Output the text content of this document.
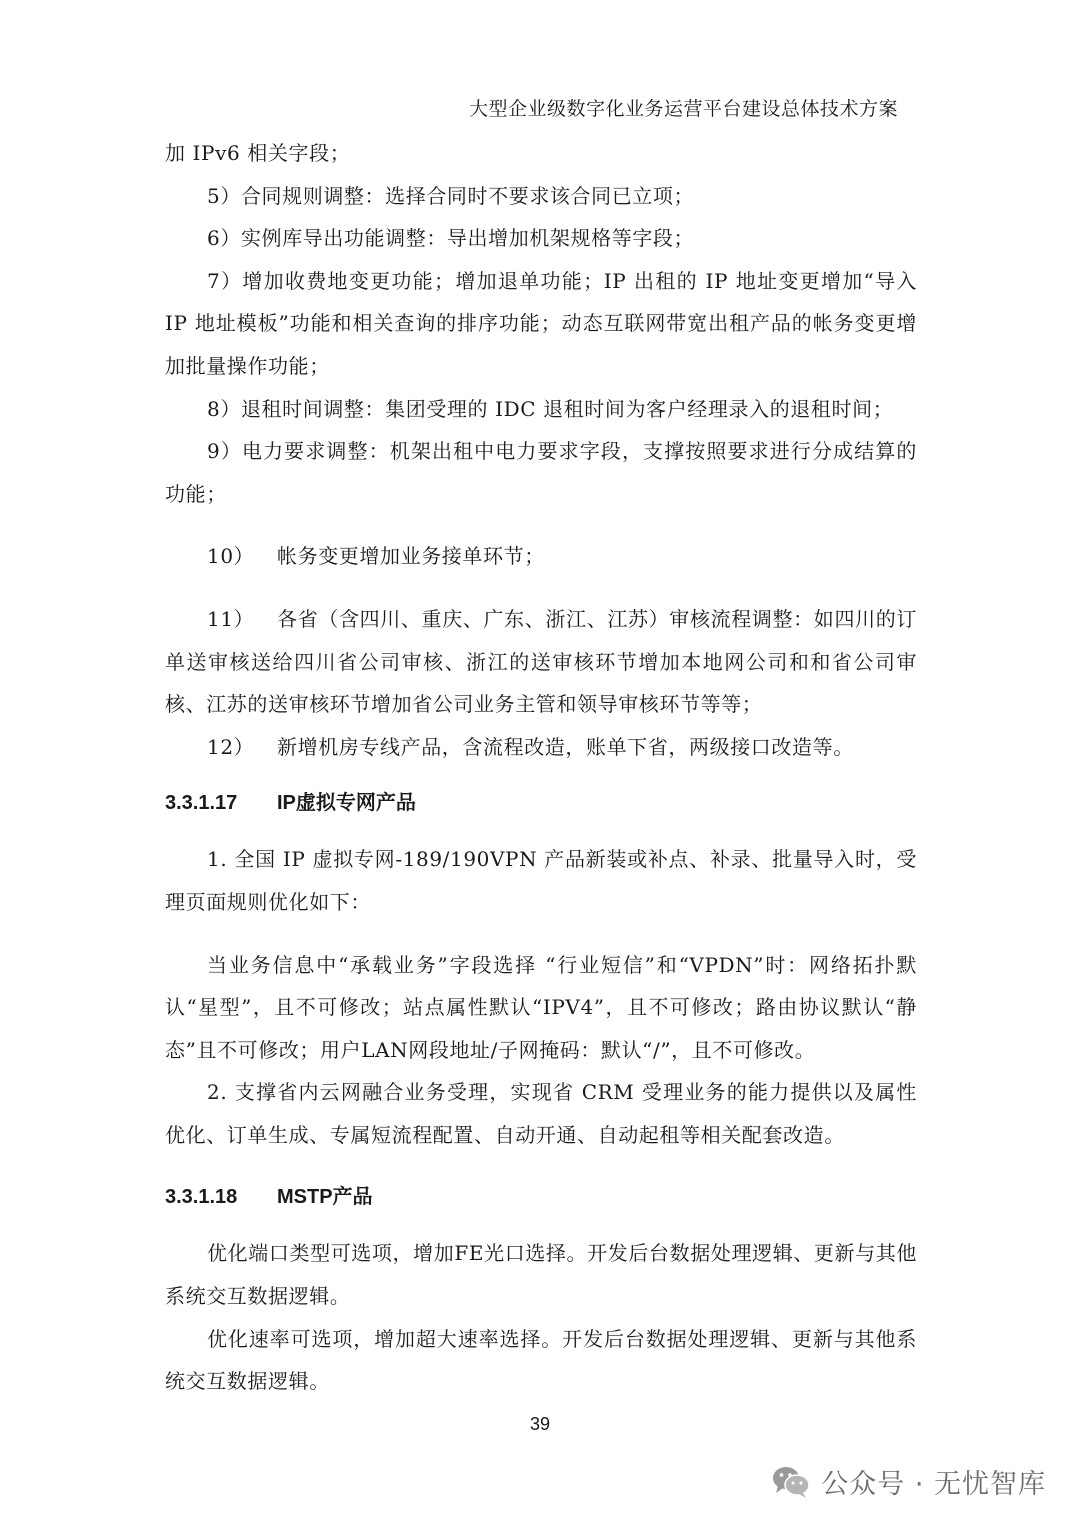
大型企业级数字化业务运营平台建设总体技术方案

加 IPv6 相关字段；

5）合同规则调整：选择合同时不要求该合同已立项；

6）实例库导出功能调整：导出增加机架规格等字段；

7）增加收费地变更功能；增加退单功能；IP 出租的 IP 地址变更增加“导入 IP 地址模板”功能和相关查询的排序功能；动态互联网带宽出租产品的帐务变更增加批量操作功能；

8）退租时间调整：集团受理的 IDC 退租时间为客户经理录入的退租时间；

9）电力要求调整：机架出租中电力要求字段，支撑按照要求进行分成结算的功能；

10） 帐务变更增加业务接单环节；

11） 各省（含四川、重庆、广东、浙江、江苏）审核流程调整：如四川的订单送审核送给四川省公司审核、浙江的送审核环节增加本地网公司和和省公司审核、江苏的送审核环节增加省公司业务主管和领导审核环节等等；

12） 新增机房专线产品，含流程改造，账单下省，两级接口改造等。

3.3.1.17	IP虚拟专网产品

1. 全国 IP 虚拟专网-189/190VPN 产品新装或补点、补录、批量导入时，受理页面规则优化如下：

当业务信息中“承载业务”字段选择 “行业短信”和“VPDN”时：网络拓扑默认“星型”，且不可修改；站点属性默认“IPV4”，且不可修改；路由协议默认“静态”且不可修改；用户LAN网段地址/子网掩码：默认“/”，且不可修改。

2. 支撑省内云网融合业务受理，实现省 CRM 受理业务的能力提供以及属性优化、订单生成、专属短流程配置、自动开通、自动起租等相关配套改造。

3.3.1.18	MSTP产品

优化端口类型可选项，增加FE光口选择。开发后台数据处理逻辑、更新与其他系统交互数据逻辑。

优化速率可选项，增加超大速率选择。开发后台数据处理逻辑、更新与其他系统交互数据逻辑。

39
公众号 · 无忧智库
